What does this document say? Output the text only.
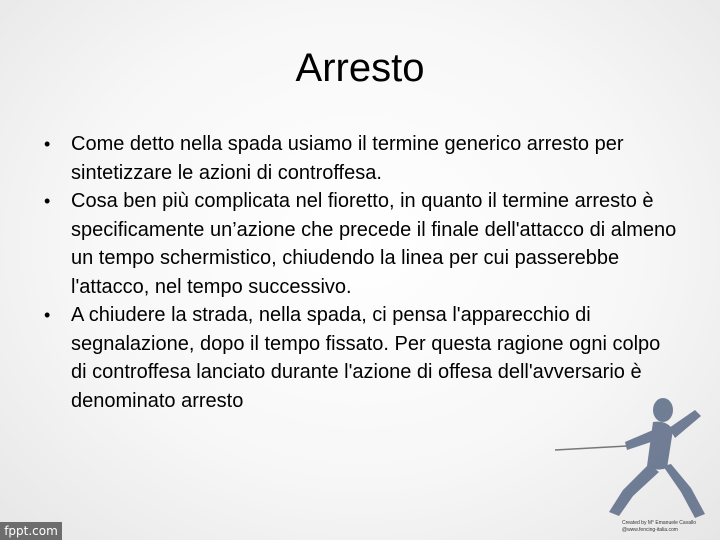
Arresto
• Come detto nella spada usiamo il termine generico arresto per sintetizzare le azioni di controffesa.
• Cosa ben più complicata nel fioretto, in quanto il termine arresto è specificamente un’azione che precede il finale dell'attacco di almeno un tempo schermistico, chiudendo la linea per cui passerebbe l'attacco, nel tempo successivo.
• A chiudere la strada, nella spada, ci pensa l'apparecchio di segnalazione, dopo il tempo fissato. Per questa ragione ogni colpo di controffesa lanciato durante l'azione di offesa dell'avversario è denominato arresto
Created by M° Emanuele Cavallo
@www.fencing-italia.com
fppt.com
